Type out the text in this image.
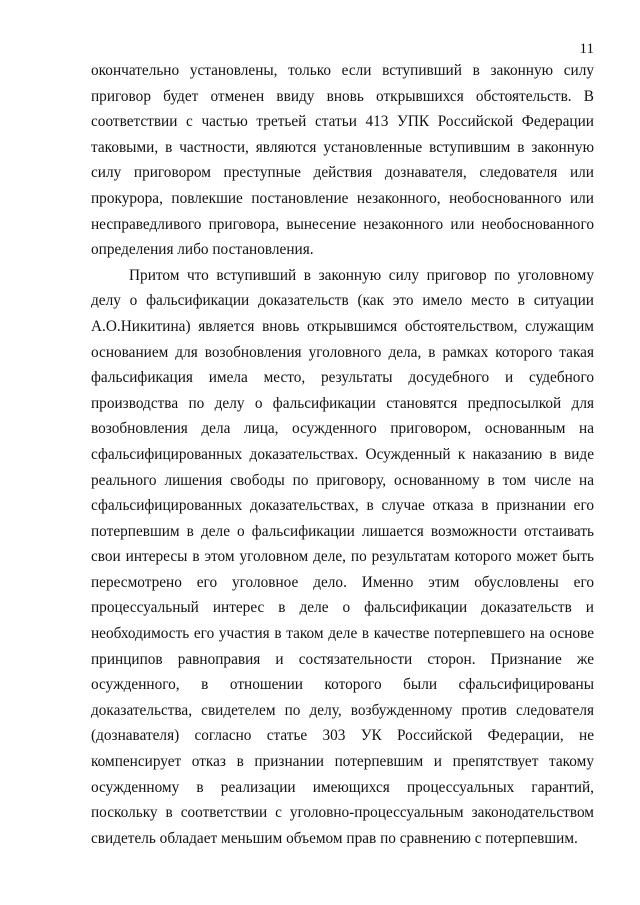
11

окончательно установлены, только если вступивший в законную силу приговор будет отменен ввиду вновь открывшихся обстоятельств. В соответствии с частью третьей статьи 413 УПК Российской Федерации таковыми, в частности, являются установленные вступившим в законную силу приговором преступные действия дознавателя, следователя или прокурора, повлекшие постановление незаконного, необоснованного или несправедливого приговора, вынесение незаконного или необоснованного определения либо постановления.

Притом что вступивший в законную силу приговор по уголовному делу о фальсификации доказательств (как это имело место в ситуации А.О.Никитина) является вновь открывшимся обстоятельством, служащим основанием для возобновления уголовного дела, в рамках которого такая фальсификация имела место, результаты досудебного и судебного производства по делу о фальсификации становятся предпосылкой для возобновления дела лица, осужденного приговором, основанным на сфальсифицированных доказательствах. Осужденный к наказанию в виде реального лишения свободы по приговору, основанному в том числе на сфальсифицированных доказательствах, в случае отказа в признании его потерпевшим в деле о фальсификации лишается возможности отстаивать свои интересы в этом уголовном деле, по результатам которого может быть пересмотрено его уголовное дело. Именно этим обусловлены его процессуальный интерес в деле о фальсификации доказательств и необходимость его участия в таком деле в качестве потерпевшего на основе принципов равноправия и состязательности сторон. Признание же осужденного, в отношении которого были сфальсифицированы доказательства, свидетелем по делу, возбужденному против следователя (дознавателя) согласно статье 303 УК Российской Федерации, не компенсирует отказ в признании потерпевшим и препятствует такому осужденному в реализации имеющихся процессуальных гарантий, поскольку в соответствии с уголовно-процессуальным законодательством свидетель обладает меньшим объемом прав по сравнению с потерпевшим.
